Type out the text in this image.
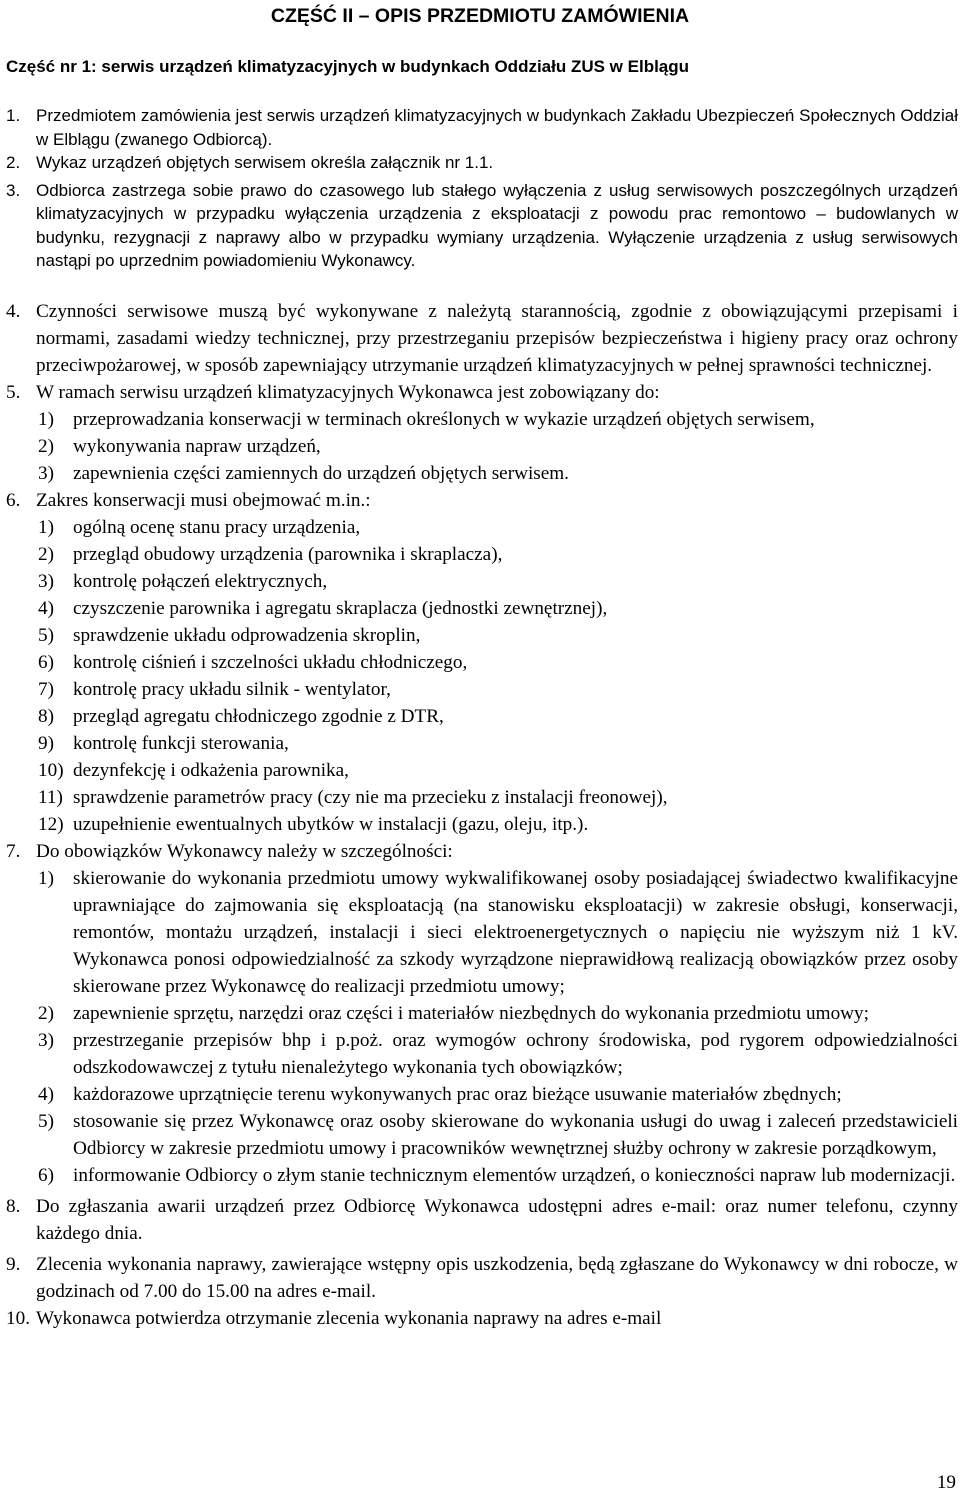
CZĘŚĆ II – OPIS PRZEDMIOTU ZAMÓWIENIA
Część nr 1: serwis urządzeń klimatyzacyjnych w budynkach Oddziału ZUS w Elblągu
1. Przedmiotem zamówienia jest serwis urządzeń klimatyzacyjnych w budynkach Zakładu Ubezpieczeń Społecznych Oddział w Elblągu (zwanego Odbiorcą).
2. Wykaz urządzeń objętych serwisem określa załącznik nr 1.1.
3. Odbiorca zastrzega sobie prawo do czasowego lub stałego wyłączenia z usług serwisowych poszczególnych urządzeń klimatyzacyjnych w przypadku wyłączenia urządzenia z eksploatacji z powodu prac remontowo – budowlanych w budynku, rezygnacji z naprawy albo w przypadku wymiany urządzenia. Wyłączenie urządzenia z usług serwisowych nastąpi po uprzednim powiadomieniu Wykonawcy.
4. Czynności serwisowe muszą być wykonywane z należytą starannością, zgodnie z obowiązującymi przepisami i normami, zasadami wiedzy technicznej, przy przestrzeganiu przepisów bezpieczeństwa i higieny pracy oraz ochrony przeciwpożarowej, w sposób zapewniający utrzymanie urządzeń klimatyzacyjnych w pełnej sprawności technicznej.
5. W ramach serwisu urządzeń klimatyzacyjnych Wykonawca jest zobowiązany do:
1) przeprowadzania konserwacji w terminach określonych w wykazie urządzeń objętych serwisem,
2) wykonywania napraw urządzeń,
3) zapewnienia części zamiennych do urządzeń objętych serwisem.
6. Zakres konserwacji musi obejmować m.in.:
1) ogólną ocenę stanu pracy urządzenia,
2) przegląd obudowy urządzenia (parownika i skraplacza),
3) kontrolę połączeń elektrycznych,
4) czyszczenie parownika i agregatu skraplacza (jednostki zewnętrznej),
5) sprawdzenie układu odprowadzenia skroplin,
6) kontrolę ciśnień i szczelności układu chłodniczego,
7) kontrolę pracy układu silnik - wentylator,
8) przegląd agregatu chłodniczego zgodnie z DTR,
9) kontrolę funkcji sterowania,
10) dezynfekcję i odkażenia parownika,
11) sprawdzenie parametrów pracy (czy nie ma przecieku z instalacji freonowej),
12) uzupełnienie ewentualnych ubytków w instalacji (gazu, oleju, itp.).
7. Do obowiązków Wykonawcy należy w szczególności:
1) skierowanie do wykonania przedmiotu umowy wykwalifikowanej osoby posiadającej świadectwo kwalifikacyjne uprawniające do zajmowania się eksploatacją (na stanowisku eksploatacji) w zakresie obsługi, konserwacji, remontów, montażu urządzeń, instalacji i sieci elektroenergetycznych o napięciu nie wyższym niż 1 kV. Wykonawca ponosi odpowiedzialność za szkody wyrządzone nieprawidłową realizacją obowiązków przez osoby skierowane przez Wykonawcę do realizacji przedmiotu umowy;
2) zapewnienie sprzętu, narzędzi oraz części i materiałów niezbędnych do wykonania przedmiotu umowy;
3) przestrzeganie przepisów bhp i p.poż. oraz wymogów ochrony środowiska, pod rygorem odpowiedzialności odszkodowawczej z tytułu nienależytego wykonania tych obowiązków;
4) każdorazowe uprzątnięcie terenu wykonywanych prac oraz bieżące usuwanie materiałów zbędnych;
5) stosowanie się przez Wykonawcę oraz osoby skierowane do wykonania usługi do uwag i zaleceń przedstawicieli Odbiorcy w zakresie przedmiotu umowy i pracowników wewnętrznej służby ochrony w zakresie porządkowym,
6) informowanie Odbiorcy o złym stanie technicznym elementów urządzeń, o konieczności napraw lub modernizacji.
8. Do zgłaszania awarii urządzeń przez Odbiorcę Wykonawca udostępni adres e-mail: oraz numer telefonu, czynny każdego dnia.
9. Zlecenia wykonania naprawy, zawierające wstępny opis uszkodzenia, będą zgłaszane do Wykonawcy w dni robocze, w godzinach od 7.00 do 15.00 na adres e-mail.
10. Wykonawca potwierdza otrzymanie zlecenia wykonania naprawy na adres e-mail
19
